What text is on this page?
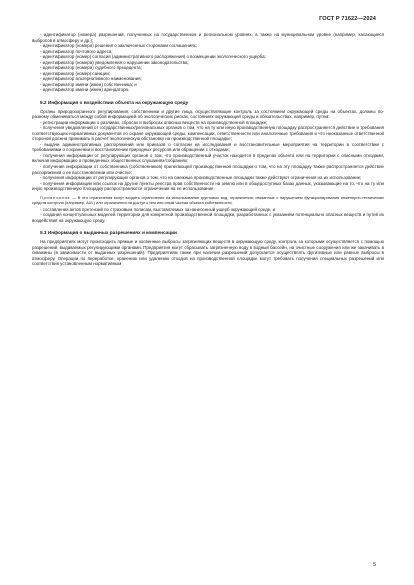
ГОСТ Р 71622—2024

- идентификатор (номера) разрешений, полученных на государственном и региональном уровнях, а также на муниципальном уровне (например, касающиеся выбросов в атмосферу и др.);

- идентификатор (номера) решения о заключенных сторонами соглашениях;

- идентификатор почтового адреса;

- идентификатор (номер) согласия (административного распоряжения) о возмещении экологического ущерба;

- идентификатор (номера) уведомления о нарушении законодательства;

- идентификатор (номера) судебного прецедента;

- идентификатор (номер) санкции;

- идентификатор альтернативного наименования;

- идентификатор имени (имен) собственника; и

- идентификатор имени (имен) арендатора.

5.2 Информация о воздействии объекта на окружающую среду

Органы природоохранного регулирования, собственники и другие лица, осуществляющие контроль за состоянием окружающей среды на объектах, должны по-разному обмениваться между собой информацией об экологических рисках, состояниях окружающей среды и обязательствах, например, путем:

- регистрации информации о разливах, сбросах и выбросах опасных веществ на производственной площадке;

- получения уведомлений от государственных/региональных органов о том, что на ту или иную производственную площадку распространяется действие и требования соответствующих нормативных документов по охране окружающей среды, компенсации, ответственности или аналогичные требования и что неоказанные ответственной стороной должна принимать в расчет экологическую обстановку на производственной площадке;

- выдачи административных распоряжений или приказов о согласии на исследования и восстановительные мероприятия на территории в соответствии с требованиями о сохранении и восстановлении природных ресурсов или обращении с отходами;

- получения информации от регулирующих органов о том, что производственный участок находится в пределах объекта или на территории с опасными отходами, включая информацию о проведенных общественных слушаниях/собраниях;

- получения информации от собственника (собственников) прилегающей производственной площадки о том, что на эту площадку также распространяется действие распоряжения о ее восстановлении или очистке;

- получения информации от регулирующих органов о том, что на смежные производственные площадки также действуют ограничения на их использование;

- получения информации или ссылок на другие пункты реестра прав собственности на землю или в общедоступных базах данных, указывающие на то, что на ту или иную производственную площадку распространяются ограничения на ее использование.

Примечание — В эти ограничения могут входить ограничения на использование грунтовых вод, ограничения, связанные с нарушением функционирования инженерно-технических средств контроля (например, AUL) или ограничения на доступ к тем или иным частям объекта собственности;

- составления актов претензий по страховым полисам, выставляемых за нанесенный ущерб окружающей среде, и

- создания концептуальных моделей территории для конкретной производственной площадки, разработанных с указанием потенциально опасных веществ и путей их воздействия на окружающую среду.

5.3 Информация о выданных разрешениях и компенсации

На предприятиях могут происходить прямые и косвенные выбросы загрязняющих веществ в окружающую среду, контроль за которыми осуществляется с помощью разрешений, выдаваемых регулирующими органами. Предприятия могут сбрасывать загрязненную воду в водный бассейн, на очистные сооружения или же закачивать в скважины (в зависимости от выданных разрешений). Предприятиям также при наличии разрешений допускается осуществлять фугитивные или равные выбросы в атмосферу. Операции по переработке, хранению или удалению отходов на производственной площадке могут требовать получения специальных разрешений или соответствия установленным нормативным

5
